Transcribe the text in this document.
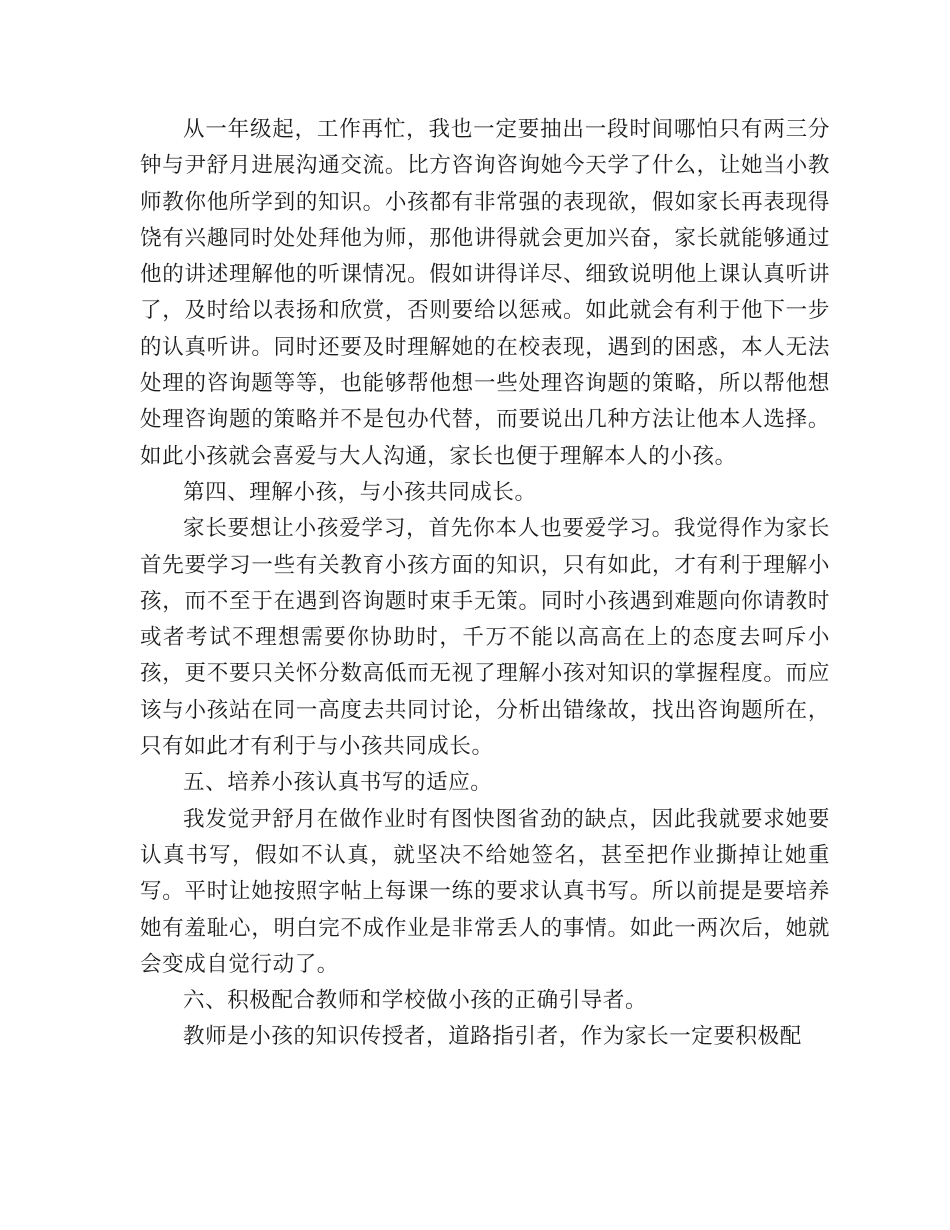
从一年级起，工作再忙，我也一定要抽出一段时间哪怕只有两三分钟与尹舒月进展沟通交流。比方咨询咨询她今天学了什么，让她当小教师教你他所学到的知识。小孩都有非常强的表现欲，假如家长再表现得饶有兴趣同时处处拜他为师，那他讲得就会更加兴奋，家长就能够通过他的讲述理解他的听课情况。假如讲得详尽、细致说明他上课认真听讲了，及时给以表扬和欣赏，否则要给以惩戒。如此就会有利于他下一步的认真听讲。同时还要及时理解她的在校表现，遇到的困惑，本人无法处理的咨询题等等，也能够帮他想一些处理咨询题的策略，所以帮他想处理咨询题的策略并不是包办代替，而要说出几种方法让他本人选择。如此小孩就会喜爱与大人沟通，家长也便于理解本人的小孩。

第四、理解小孩，与小孩共同成长。

家长要想让小孩爱学习，首先你本人也要爱学习。我觉得作为家长首先要学习一些有关教育小孩方面的知识，只有如此，才有利于理解小孩，而不至于在遇到咨询题时束手无策。同时小孩遇到难题向你请教时或者考试不理想需要你协助时，千万不能以高高在上的态度去呵斥小孩，更不要只关怀分数高低而无视了理解小孩对知识的掌握程度。而应该与小孩站在同一高度去共同讨论，分析出错缘故，找出咨询题所在，只有如此才有利于与小孩共同成长。

五、培养小孩认真书写的适应。

我发觉尹舒月在做作业时有图快图省劲的缺点，因此我就要求她要认真书写，假如不认真，就坚决不给她签名，甚至把作业撕掉让她重写。平时让她按照字帖上每课一练的要求认真书写。所以前提是要培养她有羞耻心，明白完不成作业是非常丢人的事情。如此一两次后，她就会变成自觉行动了。

六、积极配合教师和学校做小孩的正确引导者。

教师是小孩的知识传授者，道路指引者，作为家长一定要积极配
